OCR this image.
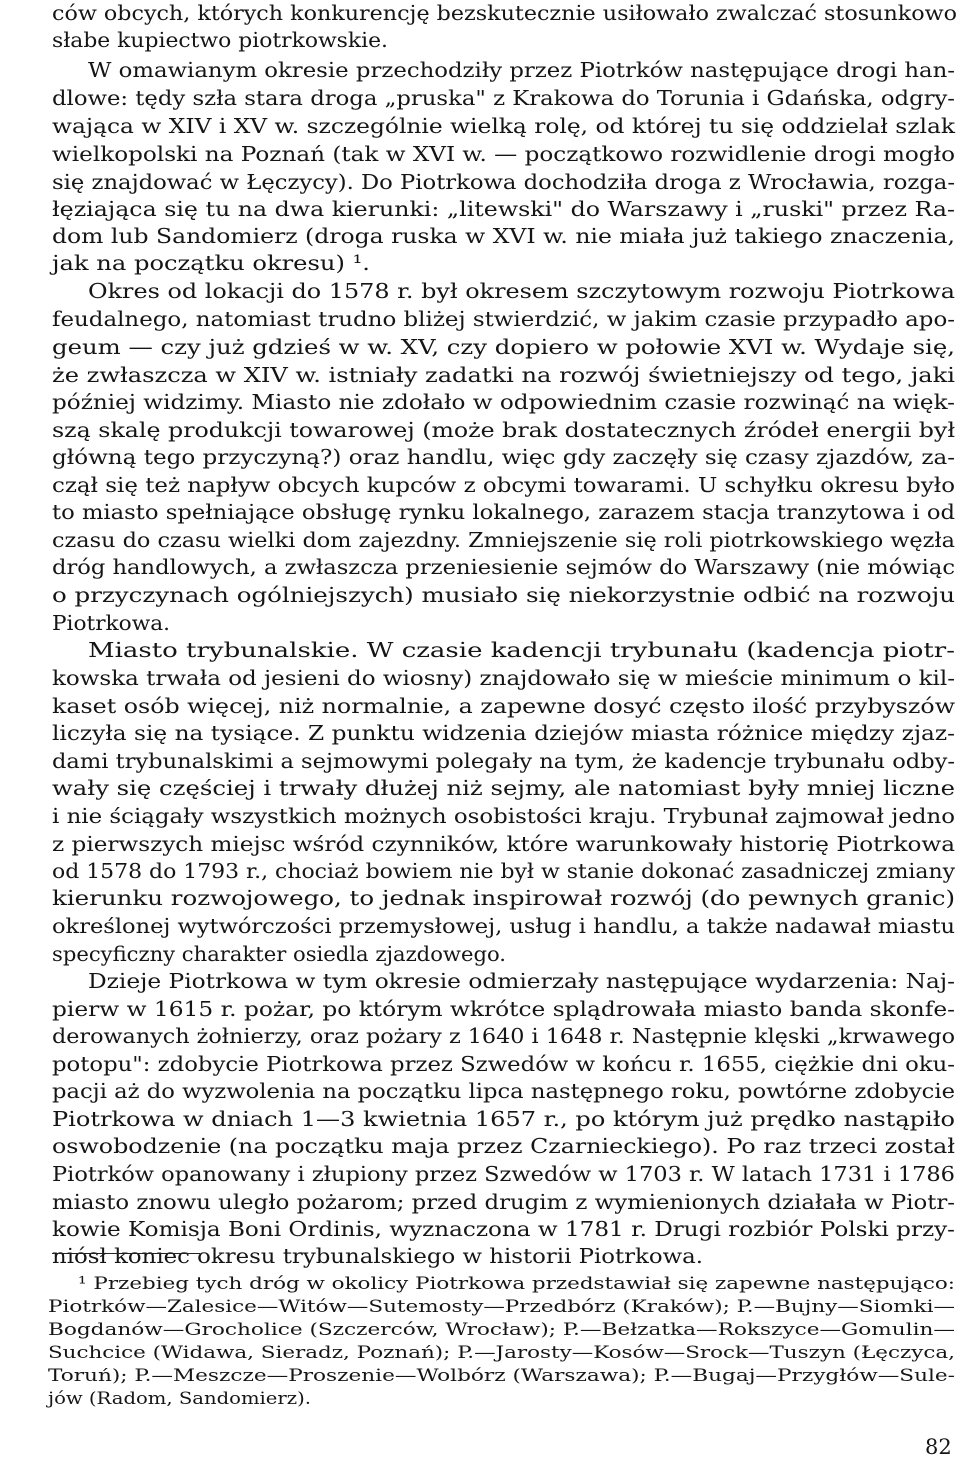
ców obcych, których konkurencję bezskutecznie usiłowało zwalczać stosunkowo
słabe kupiectwo piotrkowskie.
W omawianym okresie przechodziły przez Piotrków następujące drogi han-
dlowe: tędy szła stara droga „pruska" z Krakowa do Torunia i Gdańska, odgry-
wająca w XIV i XV w. szczególnie wielką rolę, od której tu się oddzielał szlak
wielkopolski na Poznań (tak w XVI w. — początkowo rozwidlenie drogi mogło
się znajdować w Łęczycy). Do Piotrkowa dochodziła droga z Wrocławia, rozga-
łęziająca się tu na dwa kierunki: „litewski" do Warszawy i „ruski" przez Ra-
dom lub Sandomierz (droga ruska w XVI w. nie miała już takiego znaczenia,
jak na początku okresu) ¹.
Okres od lokacji do 1578 r. był okresem szczytowym rozwoju Piotrkowa
feudalnego, natomiast trudno bliżej stwierdzić, w jakim czasie przypadło apo-
geum — czy już gdzieś w w. XV, czy dopiero w połowie XVI w. Wydaje się,
że zwłaszcza w XIV w. istniały zadatki na rozwój świetniejszy od tego, jaki
później widzimy. Miasto nie zdołało w odpowiednim czasie rozwinąć na więk-
szą skalę produkcji towarowej (może brak dostatecznych źródeł energii był
główną tego przyczyną?) oraz handlu, więc gdy zaczęły się czasy zjazdów, za-
czął się też napływ obcych kupców z obcymi towarami. U schyłku okresu było
to miasto spełniające obsługę rynku lokalnego, zarazem stacja tranzytowa i od
czasu do czasu wielki dom zajezdny. Zmniejszenie się roli piotrkowskiego węzła
dróg handlowych, a zwłaszcza przeniesienie sejmów do Warszawy (nie mówiąc
o przyczynach ogólniejszych) musiało się niekorzystnie odbić na rozwoju
Piotrkowa.
Miasto trybunalskie. W czasie kadencji trybunału (kadencja piotr-
kowska trwała od jesieni do wiosny) znajdowało się w mieście minimum o kil-
kaset osób więcej, niż normalnie, a zapewne dosyć często ilość przybyszów
liczyła się na tysiące. Z punktu widzenia dziejów miasta różnice między zjaz-
dami trybunalskimi a sejmowymi polegały na tym, że kadencje trybunału odby-
wały się częściej i trwały dłużej niż sejmy, ale natomiast były mniej liczne
i nie ściągały wszystkich możnych osobistości kraju. Trybunał zajmował jedno
z pierwszych miejsc wśród czynników, które warunkowały historię Piotrkowa
od 1578 do 1793 r., chociaż bowiem nie był w stanie dokonać zasadniczej zmiany
kierunku rozwojowego, to jednak inspirował rozwój (do pewnych granic)
określonej wytwórczości przemysłowej, usług i handlu, a także nadawał miastu
specyficzny charakter osiedla zjazdowego.
Dzieje Piotrkowa w tym okresie odmierzały następujące wydarzenia: Naj-
pierw w 1615 r. pożar, po którym wkrótce splądrowała miasto banda skonfe-
derowanych żołnierzy, oraz pożary z 1640 i 1648 r. Następnie klęski „krwawego
potopu": zdobycie Piotrkowa przez Szwedów w końcu r. 1655, ciężkie dni oku-
pacji aż do wyzwolenia na początku lipca następnego roku, powtórne zdobycie
Piotrkowa w dniach 1—3 kwietnia 1657 r., po którym już prędko nastąpiło
oswobodzenie (na początku maja przez Czarnieckiego). Po raz trzeci został
Piotrków opanowany i złupiony przez Szwedów w 1703 r. W latach 1731 i 1786
miasto znowu uległo pożarom; przed drugim z wymienionych działała w Piotr-
kowie Komisja Boni Ordinis, wyznaczona w 1781 r. Drugi rozbiór Polski przy-
niósł koniec okresu trybunalskiego w historii Piotrkowa.
¹ Przebieg tych dróg w okolicy Piotrkowa przedstawiał się zapewne następująco:
Piotrków—Zalesice—Witów—Sutemosty—Przedbórz (Kraków); P.—Bujny—Siomki—
Bogdanów—Grocholice (Szczerców, Wrocław); P.—Bełzatka—Rokszyce—Gomulin—
Suchcice (Widawa, Sieradz, Poznań); P.—Jarosty—Kosów—Srock—Tuszyn (Łęczyca,
Toruń); P.—Meszcze—Proszenie—Wolbórz (Warszawa); P.—Bugaj—Przygłów—Sule-
jów (Radom, Sandomierz).
82
